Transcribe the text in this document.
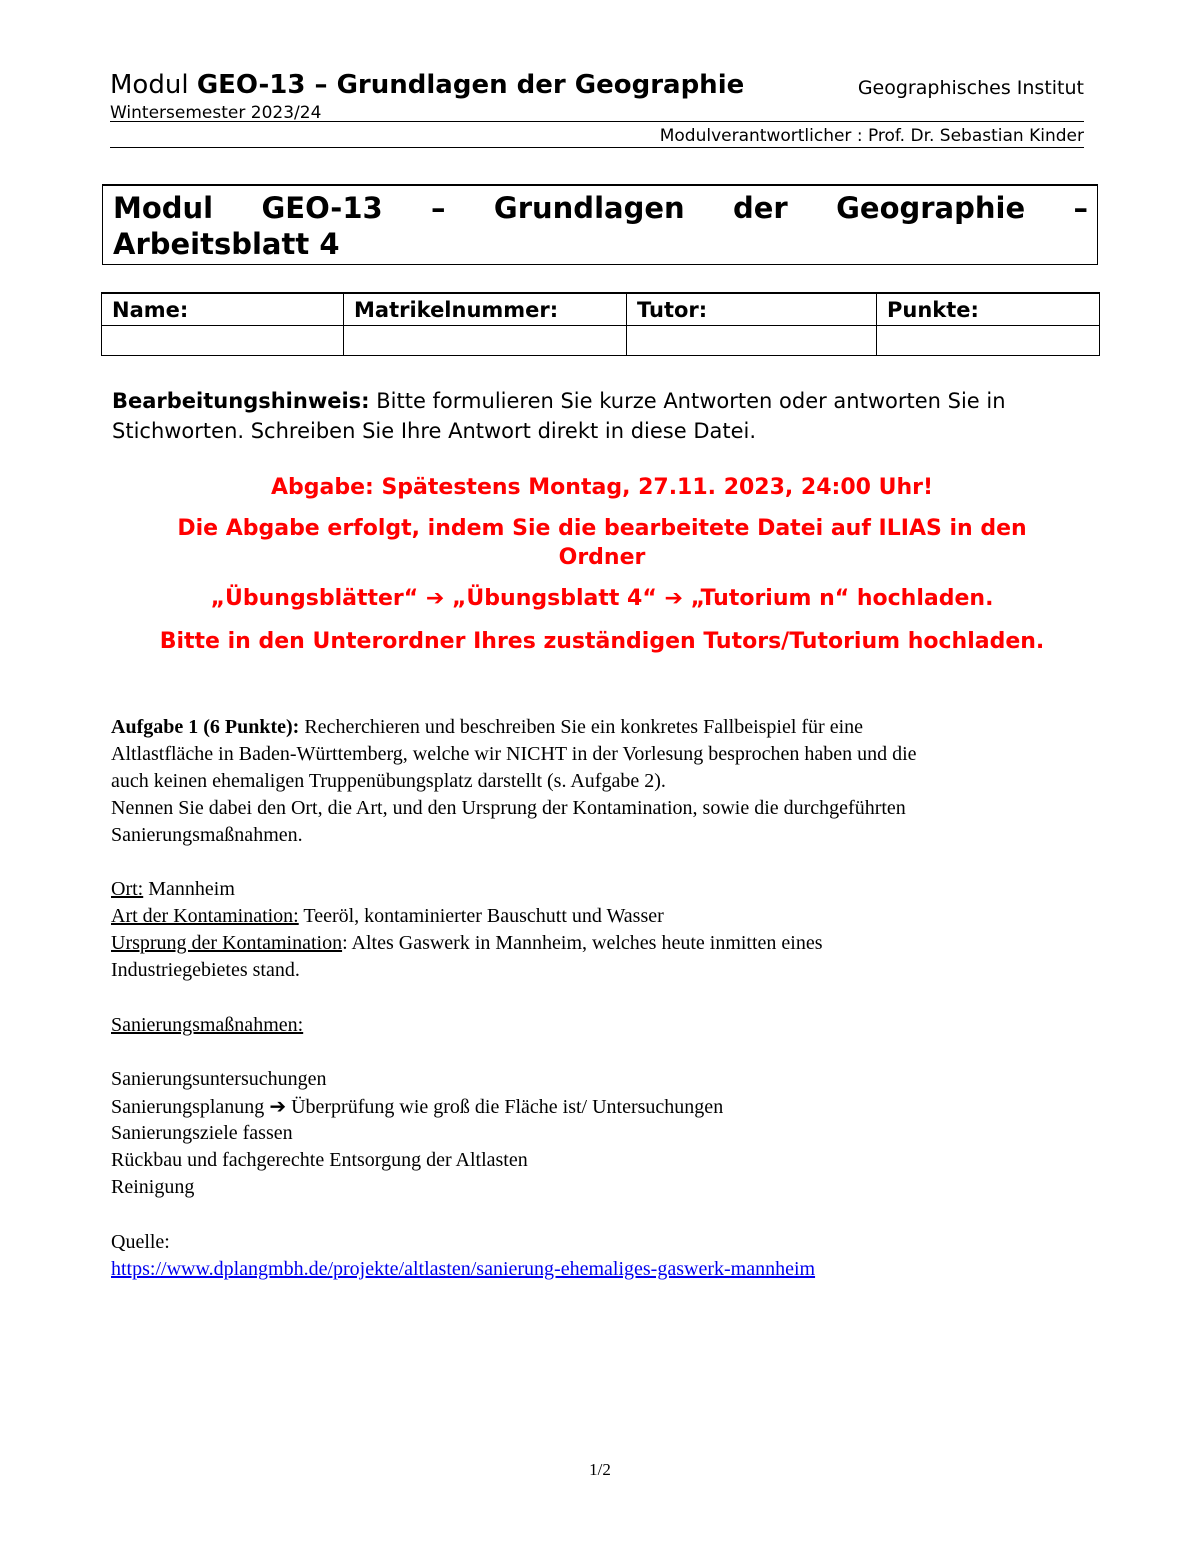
Modul GEO-13 – Grundlagen der Geographie	Geographisches Institut
Wintersemester 2023/24
Modulverantwortlicher : Prof. Dr. Sebastian Kinder
Modul GEO-13 – Grundlagen der Geographie –
Arbeitsblatt 4
Name:	Matrikelnummer:	Tutor:	Punkte:

Bearbeitungshinweis: Bitte formulieren Sie kurze Antworten oder antworten Sie in Stichworten. Schreiben Sie Ihre Antwort direkt in diese Datei.
Abgabe: Spätestens Montag, 27.11. 2023, 24:00 Uhr!
Die Abgabe erfolgt, indem Sie die bearbeitete Datei auf ILIAS in den
Ordner
„Übungsblätter“ ➔ „Übungsblatt 4“ ➔ „Tutorium n“ hochladen.
Bitte in den Unterordner Ihres zuständigen Tutors/Tutorium hochladen.
Aufgabe 1 (6 Punkte): Recherchieren und beschreiben Sie ein konkretes Fallbeispiel für eine
Altlastfläche in Baden-Württemberg, welche wir NICHT in der Vorlesung besprochen haben und die
auch keinen ehemaligen Truppenübungsplatz darstellt (s. Aufgabe 2).
Nennen Sie dabei den Ort, die Art, und den Ursprung der Kontamination, sowie die durchgeführten
Sanierungsmaßnahmen.
Ort: Mannheim
Art der Kontamination: Teeröl, kontaminierter Bauschutt und Wasser
Ursprung der Kontamination: Altes Gaswerk in Mannheim, welches heute inmitten eines
Industriegebietes stand.
Sanierungsmaßnahmen:
Sanierungsuntersuchungen
Sanierungsplanung ➔ Überprüfung wie groß die Fläche ist/ Untersuchungen
Sanierungsziele fassen
Rückbau und fachgerechte Entsorgung der Altlasten
Reinigung
Quelle:
https://www.dplangmbh.de/projekte/altlasten/sanierung-ehemaliges-gaswerk-mannheim
1/2
